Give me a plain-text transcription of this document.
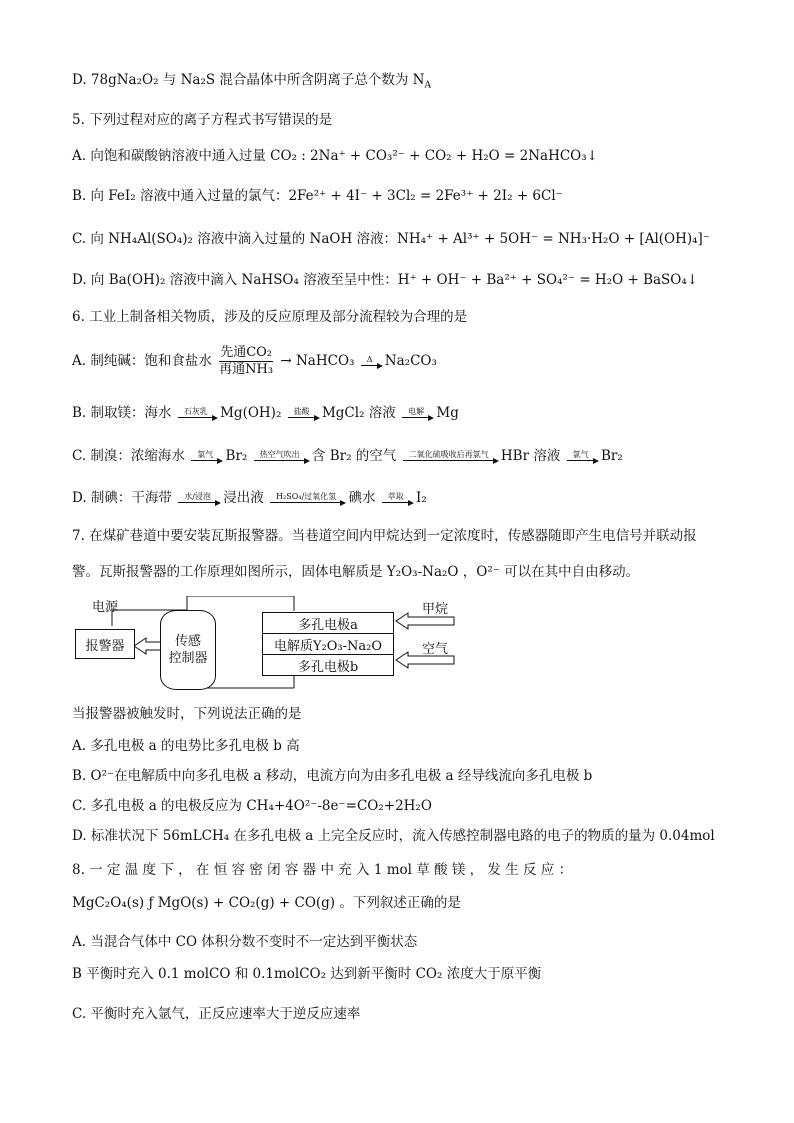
D. 78gNa₂O₂ 与 Na₂S 混合晶体中所含阴离子总个数为 $N_A$
5. 下列过程对应的离子方程式书写错误的是
A. 向饱和碳酸钠溶液中通入过量 CO₂ : 2Na⁺ + CO₃²⁻ + CO₂ + H₂O = 2NaHCO₃↓
B. 向 FeI₂ 溶液中通入过量的氯气：2Fe²⁺ + 4I⁻ + 3Cl₂ = 2Fe³⁺ + 2I₂ + 6Cl⁻
C. 向 NH₄Al(SO₄)₂ 溶液中滴入过量的 NaOH 溶液：NH₄⁺ + Al³⁺ + 5OH⁻ = NH₃·H₂O + [Al(OH)₄]⁻
D. 向 Ba(OH)₂ 溶液中滴入 NaHSO₄ 溶液至呈中性：H⁺ + OH⁻ + Ba²⁺ + SO₄²⁻ = H₂O + BaSO₄↓
6. 工业上制备相关物质，涉及的反应原理及部分流程较为合理的是
A. 制纯碱：饱和食盐水 $\frac{\text{先通CO₂}}{\text{再通NH₃}}$ → NaHCO₃ Δ Na₂CO₃
B. 制取镁：海水 石灰乳 Mg(OH)₂ 盐酸 MgCl₂ 溶液 电解 Mg
C. 制溴：浓缩海水 氯气 Br₂ 热空气吹出 含 Br₂ 的空气 二氧化硫吸收后再氯气 HBr 溶液 氯气 Br₂
D. 制碘：干海带 水/浸泡 浸出液 H₂SO₄/过氧化氢 碘水 萃取 I₂
7. 在煤矿巷道中要安装瓦斯报警器。当巷道空间内甲烷达到一定浓度时，传感器随即产生电信号并联动报
警。瓦斯报警器的工作原理如图所示，固体电解质是 Y₂O₃-Na₂O ，O²⁻ 可以在其中自由移动。
电源
报警器	传感
控制器
多孔电极a
电解质Y₂O₃-Na₂O
多孔电极b
甲烷
空气
当报警器被触发时，下列说法正确的是
A. 多孔电极 a 的电势比多孔电极 b 高
B. O²⁻在电解质中向多孔电极 a 移动，电流方向为由多孔电极 a 经导线流向多孔电极 b
C. 多孔电极 a 的电极反应为 CH₄+4O²⁻-8e⁻=CO₂+2H₂O
D. 标准状况下 56mLCH₄ 在多孔电极 a 上完全反应时，流入传感控制器电路的电子的物质的量为 0.04mol
8. 一 定 温 度 下 ， 在 恒 容 密 闭 容 器 中 充 入 1 mol 草 酸 镁 ， 发 生 反 应 ：
MgC₂O₄(s) ƒ MgO(s) + CO₂(g) + CO(g) 。下列叙述正确的是
A. 当混合气体中 CO 体积分数不变时不一定达到平衡状态
B 平衡时充入 0.1 molCO 和 0.1molCO₂ 达到新平衡时 CO₂ 浓度大于原平衡
C. 平衡时充入氩气，正反应速率大于逆反应速率
